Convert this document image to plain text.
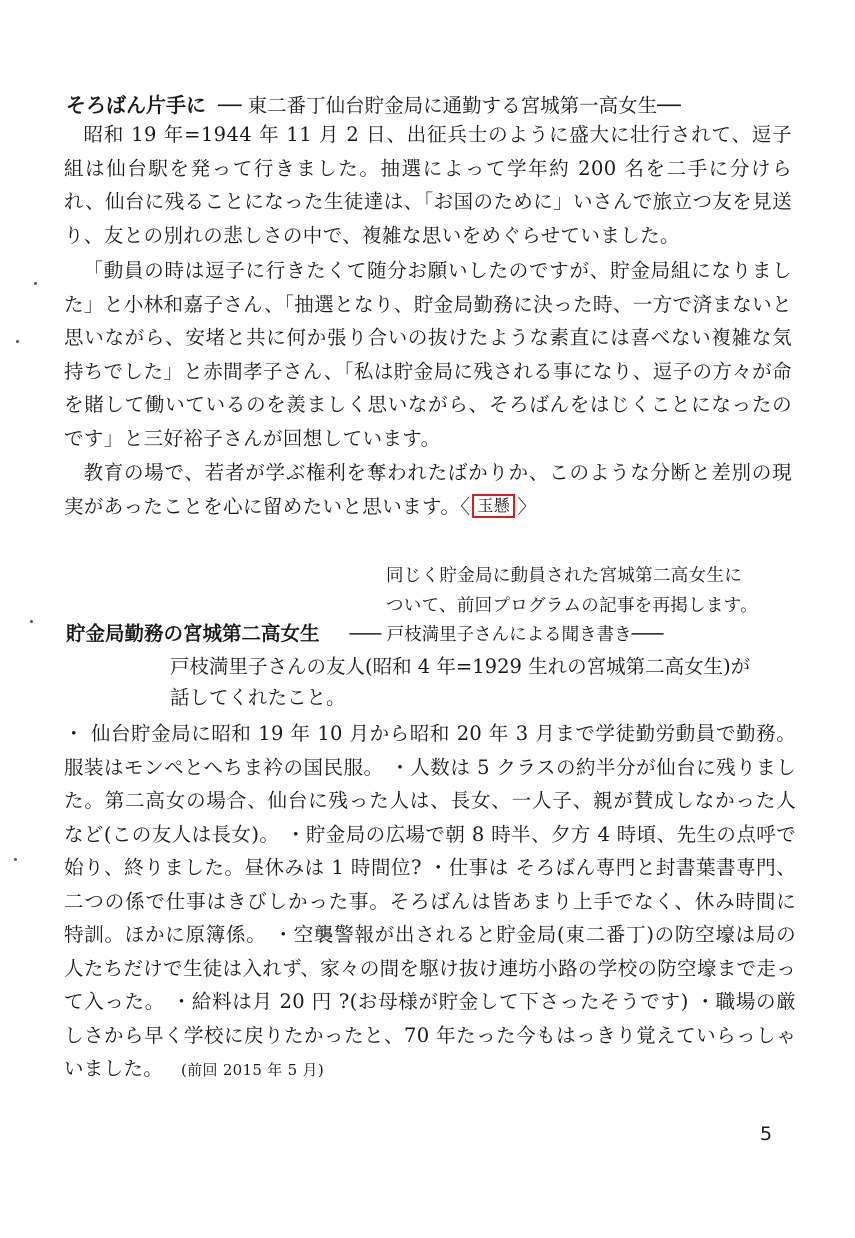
そろばん片手に ── 東二番丁仙台貯金局に通勤する宮城第一高女生──

昭和 19 年=1944 年 11 月 2 日、出征兵士のように盛大に壮行されて、逗子組は仙台駅を発って行きました。抽選によって学年約 200 名を二手に分けられ、仙台に残ることになった生徒達は、「お国のために」いさんで旅立つ友を見送り、友との別れの悲しさの中で、複雑な思いをめぐらせていました。

「動員の時は逗子に行きたくて随分お願いしたのですが、貯金局組になりました」と小林和嘉子さん、「抽選となり、貯金局勤務に決った時、一方で済まないと思いながら、安堵と共に何か張り合いの抜けたような素直には喜べない複雑な気持ちでした」と赤間孝子さん、「私は貯金局に残される事になり、逗子の方々が命を賭して働いているのを羨ましく思いながら、そろばんをはじくことになったのです」と三好裕子さんが回想しています。

教育の場で、若者が学ぶ権利を奪われたばかりか、このような分断と差別の現実があったことを心に留めたいと思います。〈 玉懸 〉

同じく貯金局に動員された宮城第二高女生に
ついて、前回プログラムの記事を再掲します。
貯金局勤務の宮城第二高女生 ─── 戸枝満里子さんによる聞き書き───
戸枝満里子さんの友人(昭和 4 年=1929 生れの宮城第二高女生)が
話してくれたこと。
・ 仙台貯金局に昭和 19 年 10 月から昭和 20 年 3 月まで学徒勤労動員で勤務。服装はモンペとへちま衿の国民服。 ・人数は 5 クラスの約半分が仙台に残りました。第二高女の場合、仙台に残った人は、長女、一人子、親が賛成しなかった人など(この友人は長女)。 ・貯金局の広場で朝 8 時半、夕方 4 時頃、先生の点呼で始り、終りました。昼休みは 1 時間位? ・仕事は そろばん専門と封書葉書専門、二つの係で仕事はきびしかった事。そろばんは皆あまり上手でなく、休み時間に特訓。ほかに原簿係。 ・空襲警報が出されると貯金局(東二番丁)の防空壕は局の人たちだけで生徒は入れず、家々の間を駆け抜け連坊小路の学校の防空壕まで走って入った。 ・給料は月 20 円 ?(お母様が貯金して下さったそうです) ・職場の厳しさから早く学校に戻りたかったと、70 年たった今もはっきり覚えていらっしゃいました。 (前回 2015 年 5 月)
5
